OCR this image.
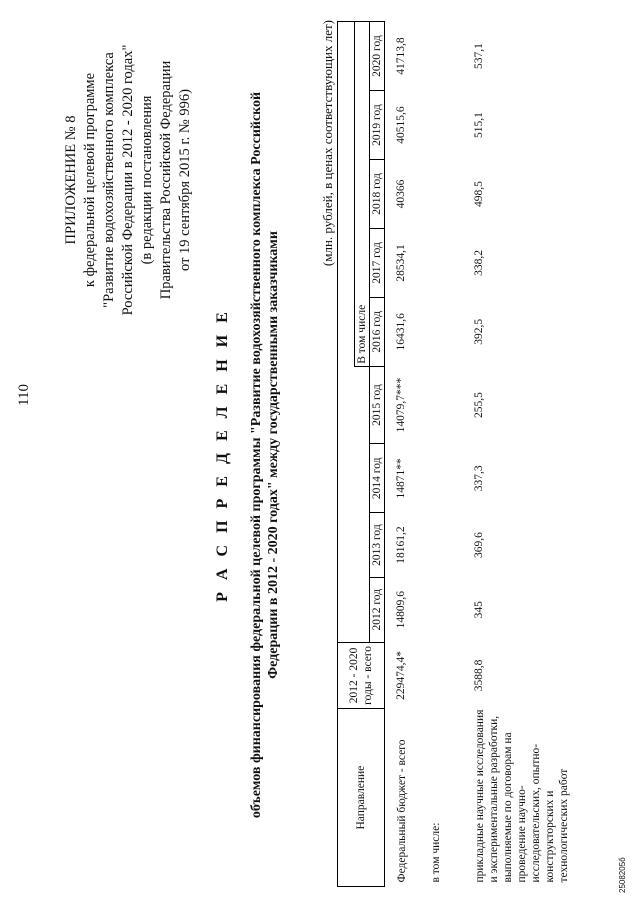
110
ПРИЛОЖЕНИЕ № 8 к федеральной целевой программе "Развитие водохозяйственного комплекса Российской Федерации в 2012 - 2020 годах" (в редакции постановления Правительства Российской Федерации от 19 сентября 2015 г. № 996)
Р А С П Р Е Д Е Л Е Н И Е объемов финансирования федеральной целевой программы "Развитие водохозяйственного комплекса Российской Федерации в 2012 - 2020 годах" между государственными заказчиками
(млн. рублей, в ценах соответствующих лет)
Направление	2012 - 2020 годы - всего									
						В том числе				
		2012 год	2013 год	2014 год	2015 год	2016 год	2017 год	2018 год	2019 год	2020 год
Федеральный бюджет - всего	229474,4*	14809,6	18161,2	14871**	14079,7***	16431,6	28534,1	40366	40515,6	41713,8
в том числе:										
прикладные научные исследования и экспериментальные разработки, выполняемые по договорам на проведение научно-исследовательских, опытно-конструкторских и технологических работ	3588,8	345	369,6	337,3	255,5	392,5	338,2	498,5	515,1	537,1
2508205б
